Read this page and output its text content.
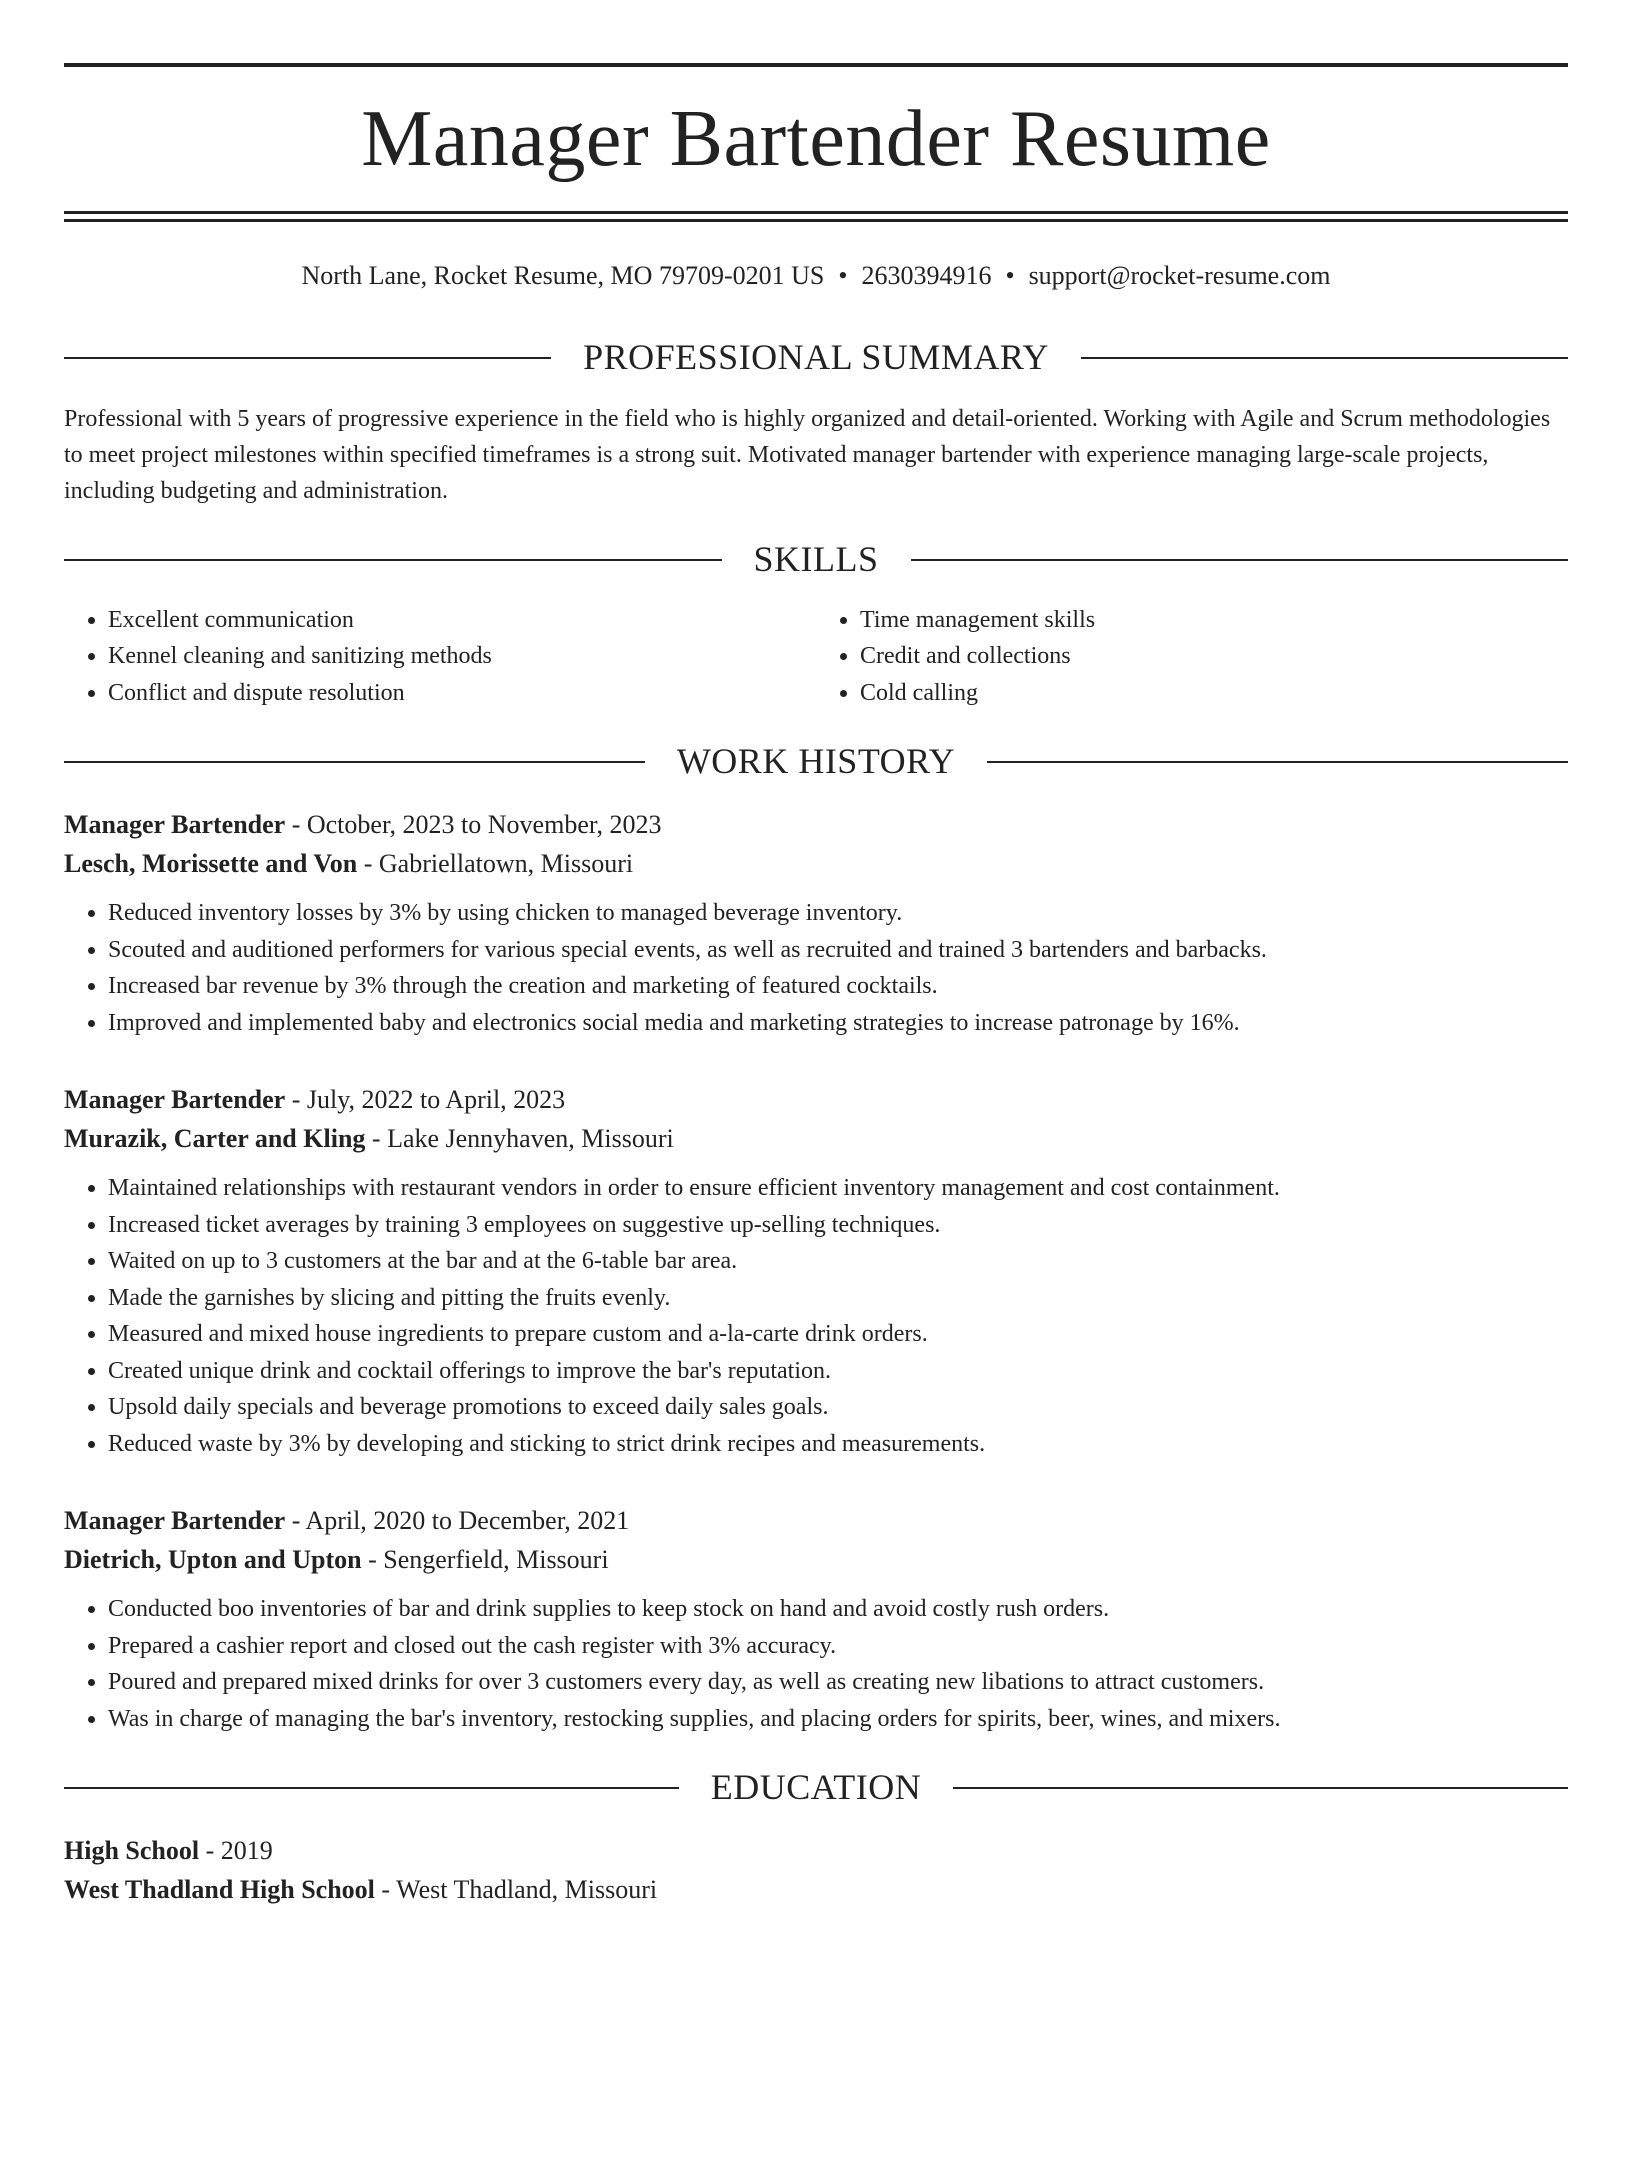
Manager Bartender Resume
North Lane, Rocket Resume, MO 79709-0201 US • 2630394916 • support@rocket-resume.com
PROFESSIONAL SUMMARY
Professional with 5 years of progressive experience in the field who is highly organized and detail-oriented. Working with Agile and Scrum methodologies to meet project milestones within specified timeframes is a strong suit. Motivated manager bartender with experience managing large-scale projects, including budgeting and administration.
SKILLS
• Excellent communication
• Kennel cleaning and sanitizing methods
• Conflict and dispute resolution
• Time management skills
• Credit and collections
• Cold calling
WORK HISTORY
Manager Bartender - October, 2023 to November, 2023
Lesch, Morissette and Von - Gabriellatown, Missouri
• Reduced inventory losses by 3% by using chicken to managed beverage inventory.
• Scouted and auditioned performers for various special events, as well as recruited and trained 3 bartenders and barbacks.
• Increased bar revenue by 3% through the creation and marketing of featured cocktails.
• Improved and implemented baby and electronics social media and marketing strategies to increase patronage by 16%.
Manager Bartender - July, 2022 to April, 2023
Murazik, Carter and Kling - Lake Jennyhaven, Missouri
• Maintained relationships with restaurant vendors in order to ensure efficient inventory management and cost containment.
• Increased ticket averages by training 3 employees on suggestive up-selling techniques.
• Waited on up to 3 customers at the bar and at the 6-table bar area.
• Made the garnishes by slicing and pitting the fruits evenly.
• Measured and mixed house ingredients to prepare custom and a-la-carte drink orders.
• Created unique drink and cocktail offerings to improve the bar's reputation.
• Upsold daily specials and beverage promotions to exceed daily sales goals.
• Reduced waste by 3% by developing and sticking to strict drink recipes and measurements.
Manager Bartender - April, 2020 to December, 2021
Dietrich, Upton and Upton - Sengerfield, Missouri
• Conducted boo inventories of bar and drink supplies to keep stock on hand and avoid costly rush orders.
• Prepared a cashier report and closed out the cash register with 3% accuracy.
• Poured and prepared mixed drinks for over 3 customers every day, as well as creating new libations to attract customers.
• Was in charge of managing the bar's inventory, restocking supplies, and placing orders for spirits, beer, wines, and mixers.
EDUCATION
High School - 2019
West Thadland High School - West Thadland, Missouri
